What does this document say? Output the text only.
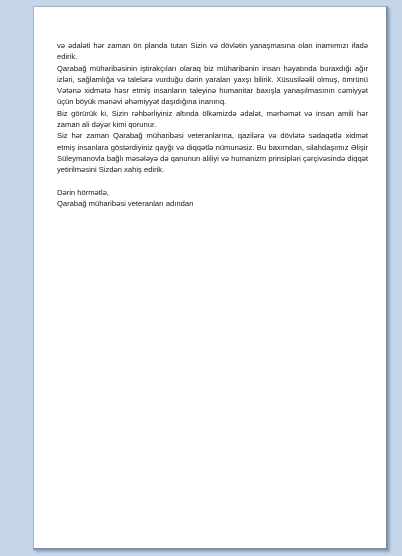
və ədaləti hər zaman ön planda tutan Sizin və dövlətin yanaşmasına olan inamımızı ifadə edirik.

Qarabağ müharibəsinin iştirakçıları olaraq biz müharibənin insan həyatında buraxdığı ağır izləri, sağlamlığa və talelərə vurduğu dərin yaraları yaxşı bilirik. Xüsusiləəlil olmuş, ömrünü Vətənə xidmətə həsr etmiş insanların taleyinə humanitar baxışla yanaşılmasının cəmiyyət üçün böyük mənəvi əhəmiyyət daşıdığına inanırıq.

Biz görürük ki, Sizin rəhbərliyiniz altında ölkəmizdə ədalət, mərhəmət və insan amili hər zaman ali dəyər kimi qorunur.

Siz hər zaman Qarabağ müharibəsi veteranlarına, qazilərə və dövlətə sədaqətlə xidmət etmiş insanlara göstərdiyiniz qayğı və diqqətlə nümunəsiz. Bu baxımdan, silahdaşımız Əlişir Süleymanovla bağlı məsələyə də qanunun aliliyi və humanizm prinsipləri çərçivəsində diqqət yetirilməsini Sizdən xahiş edirik.

Dərin hörmətlə,

Qarabağ müharibəsi veteranları adından
